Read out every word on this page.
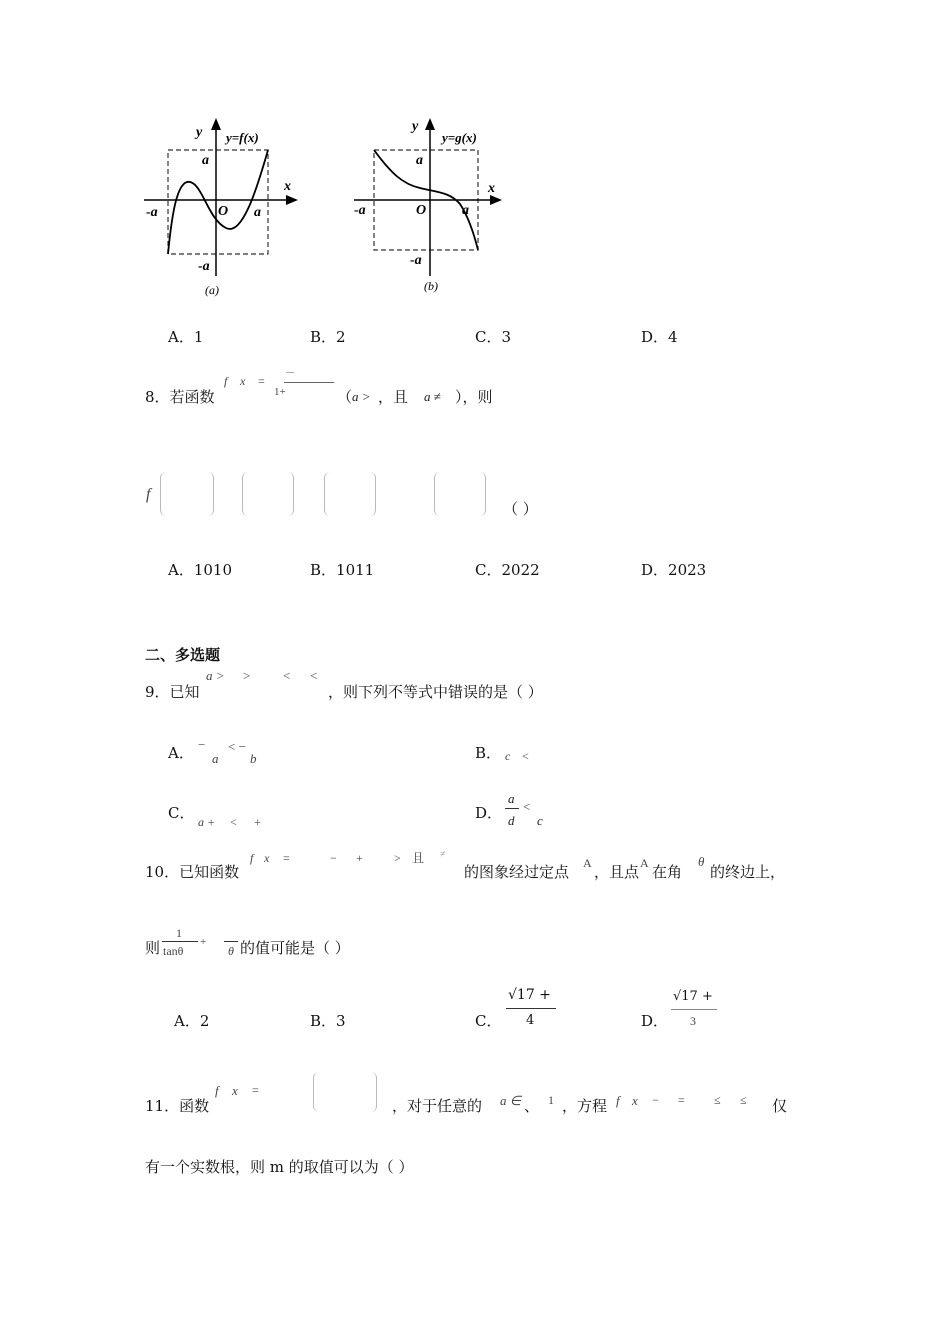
y y=f(x)
x
a
-a	O a
-a
(a)
y
y=g(x)
x
a
-a	O	a
-a
(b)
A．1	B．2	C．3	D．4
8．若函数
f x =
1+	（ a > ，且 a ≠ ），则
f
（ ）
A．1010	B．1011	C．2022	D．2023
二、多选题
9．已知
a > >	< <
，则下列不等式中错误的是（ ）
A． −
a
< −
b	B． c <
C． a + < +	D．
a
d
<
c
10．已知函数
f x =	− +	> 且 ≠
的图象经过定点 A ，且点 A 在角
θ
的终边上，
则
1
tanθ
+
θ 的值可能是（ ）
A．2	B．3	C．
√17 +
4	D．
√17 +
3
11．函数
f x =
，对于任意的 a ∈ 、 1 ，方程 f x − = ≤ ≤ 仅
有一个实数根，则 m 的取值可以为（ ）
